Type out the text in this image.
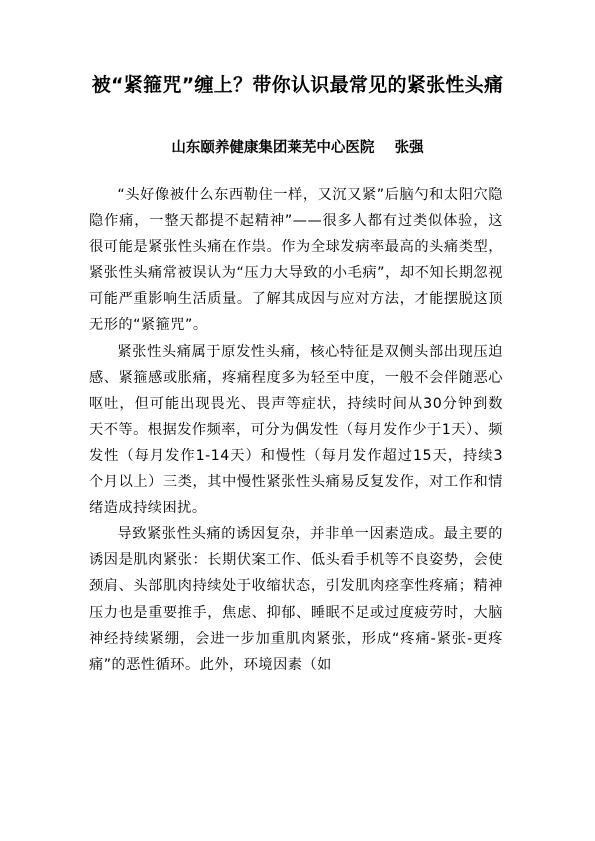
被“紧箍咒”缠上？带你认识最常见的紧张性头痛
山东颐养健康集团莱芜中心医院    张强

“头好像被什么东西勒住一样，又沉又紧”后脑勺和太阳穴隐隐作痛，一整天都提不起精神”——很多人都有过类似体验，这很可能是紧张性头痛在作祟。作为全球发病率最高的头痛类型，紧张性头痛常被误认为“压力大导致的小毛病”，却不知长期忽视可能严重影响生活质量。了解其成因与应对方法，才能摆脱这顶无形的“紧箍咒”。

紧张性头痛属于原发性头痛，核心特征是双侧头部出现压迫感、紧箍感或胀痛，疼痛程度多为轻至中度，一般不会伴随恶心呕吐，但可能出现畏光、畏声等症状，持续时间从30分钟到数天不等。根据发作频率，可分为偶发性（每月发作少于1天）、频发性（每月发作1-14天）和慢性（每月发作超过15天，持续3个月以上）三类，其中慢性紧张性头痛易反复发作，对工作和情绪造成持续困扰。

导致紧张性头痛的诱因复杂，并非单一因素造成。最主要的诱因是肌肉紧张：长期伏案工作、低头看手机等不良姿势，会使颈肩、头部肌肉持续处于收缩状态，引发肌肉痉挛性疼痛；精神压力也是重要推手，焦虑、抑郁、睡眠不足或过度疲劳时，大脑神经持续紧绷，会进一步加重肌肉紧张，形成“疼痛-紧张-更疼痛”的恶性循环。此外，环境因素（如
